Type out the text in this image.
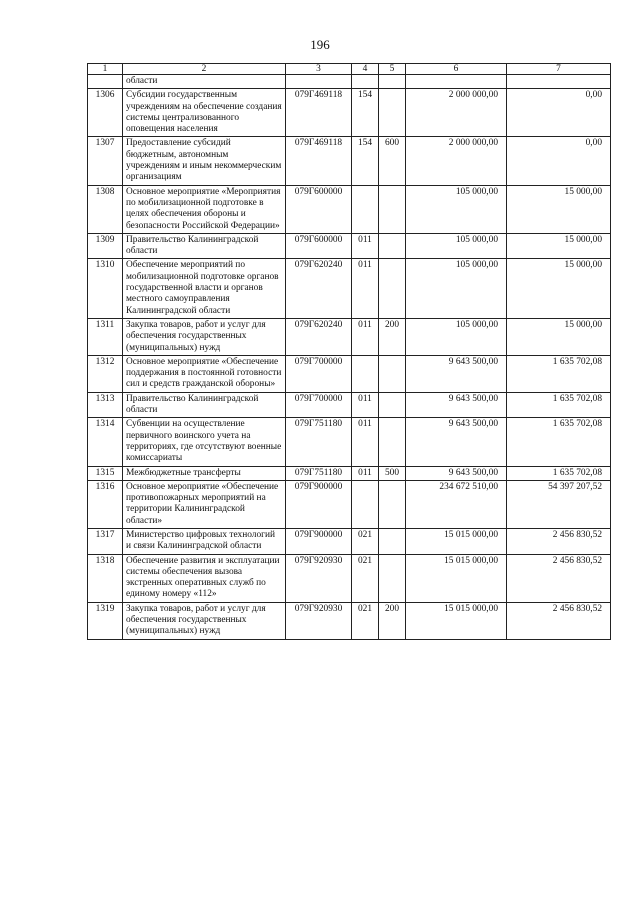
196
1	2	3	4	5	6	7
	области					
1306	Субсидии государственным учреждениям на обеспечение создания системы централизованного оповещения населения	079Г469118	154		2 000 000,00	0,00
1307	Предоставление субсидий бюджетным, автономным учреждениям и иным некоммерческим организациям	079Г469118	154	600	2 000 000,00	0,00
1308	Основное мероприятие «Мероприятия по мобилизационной подготовке в целях обеспечения обороны и безопасности Российской Федерации»	079Г600000			105 000,00	15 000,00
1309	Правительство Калининградской области	079Г600000	011		105 000,00	15 000,00
1310	Обеспечение мероприятий по мобилизационной подготовке органов государственной власти и органов местного самоуправления Калининградской области	079Г620240	011		105 000,00	15 000,00
1311	Закупка товаров, работ и услуг для обеспечения государственных (муниципальных) нужд	079Г620240	011	200	105 000,00	15 000,00
1312	Основное мероприятие «Обеспечение поддержания в постоянной готовности сил и средств гражданской обороны»	079Г700000			9 643 500,00	1 635 702,08
1313	Правительство Калининградской области	079Г700000	011		9 643 500,00	1 635 702,08
1314	Субвенции на осуществление первичного воинского учета на территориях, где отсутствуют военные комиссариаты	079Г751180	011		9 643 500,00	1 635 702,08
1315	Межбюджетные трансферты	079Г751180	011	500	9 643 500,00	1 635 702,08
1316	Основное мероприятие «Обеспечение противопожарных мероприятий на территории Калининградской области»	079Г900000			234 672 510,00	54 397 207,52
1317	Министерство цифровых технологий и связи Калининградской области	079Г900000	021		15 015 000,00	2 456 830,52
1318	Обеспечение развития и эксплуатации системы обеспечения вызова экстренных оперативных служб по единому номеру «112»	079Г920930	021		15 015 000,00	2 456 830,52
1319	Закупка товаров, работ и услуг для обеспечения государственных (муниципальных) нужд	079Г920930	021	200	15 015 000,00	2 456 830,52
